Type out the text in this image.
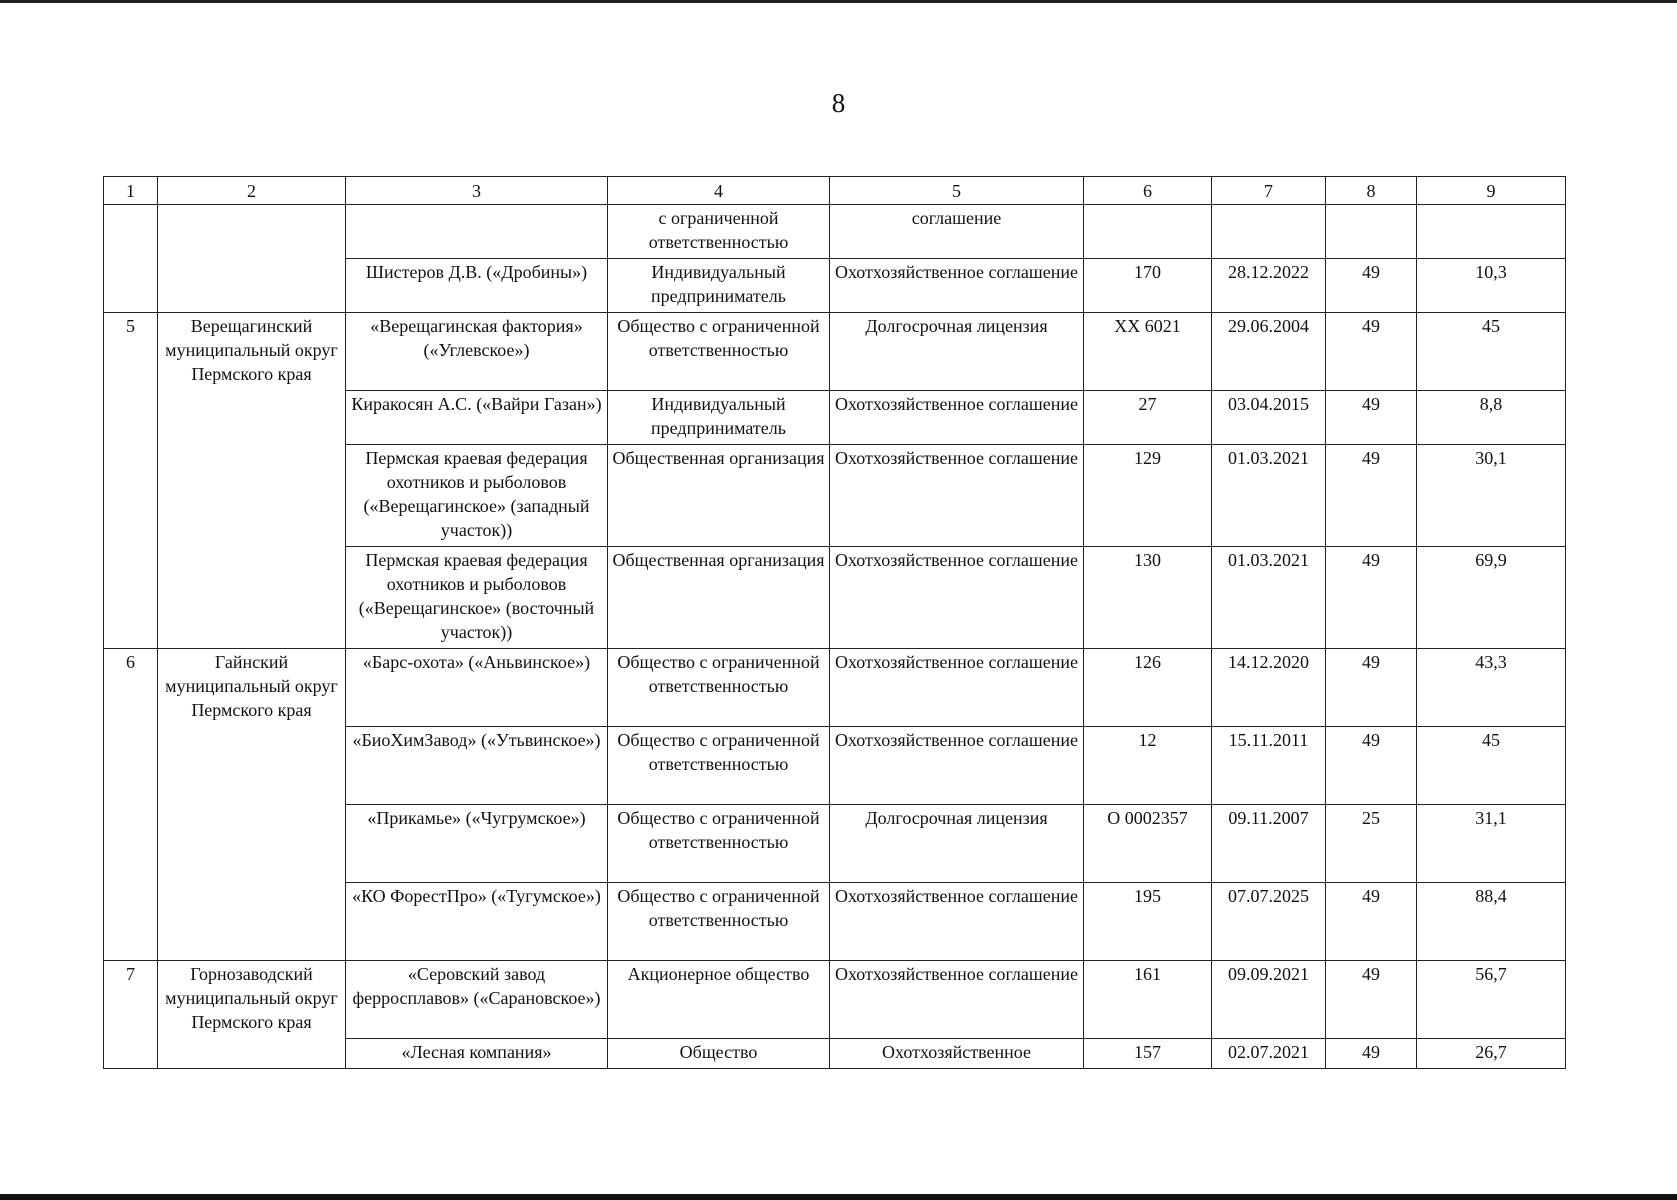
8
1	2	3	4	5	6	7	8	9
			с ограниченной ответственностью	соглашение				
		Шистеров Д.В. («Дробины»)	Индивидуальный предприниматель	Охотхозяйственное соглашение	170	28.12.2022	49	10,3
5	Верещагинский муниципальный округ Пермского края	«Верещагинская фактория» («Углевское»)	Общество с ограниченной ответственностью	Долгосрочная лицензия	ХХ 6021	29.06.2004	49	45
		Киракосян А.С. («Вайри Газан»)	Индивидуальный предприниматель	Охотхозяйственное соглашение	27	03.04.2015	49	8,8
		Пермская краевая федерация охотников и рыболовов («Верещагинское» (западный участок))	Общественная организация	Охотхозяйственное соглашение	129	01.03.2021	49	30,1
		Пермская краевая федерация охотников и рыболовов («Верещагинское» (восточный участок))	Общественная организация	Охотхозяйственное соглашение	130	01.03.2021	49	69,9
6	Гайнский муниципальный округ Пермского края	«Барс-охота» («Аньвинское»)	Общество с ограниченной ответственностью	Охотхозяйственное соглашение	126	14.12.2020	49	43,3
		«БиоХимЗавод» («Утьвинское»)	Общество с ограниченной ответственностью	Охотхозяйственное соглашение	12	15.11.2011	49	45
		«Прикамье» («Чугрумское»)	Общество с ограниченной ответственностью	Долгосрочная лицензия	О 0002357	09.11.2007	25	31,1
		«КО ФорестПро» («Тугумское»)	Общество с ограниченной ответственностью	Охотхозяйственное соглашение	195	07.07.2025	49	88,4
7	Горнозаводский муниципальный округ Пермского края	«Серовский завод ферросплавов» («Сарановское»)	Акционерное общество	Охотхозяйственное соглашение	161	09.09.2021	49	56,7
		«Лесная компания»	Общество	Охотхозяйственное	157	02.07.2021	49	26,7
